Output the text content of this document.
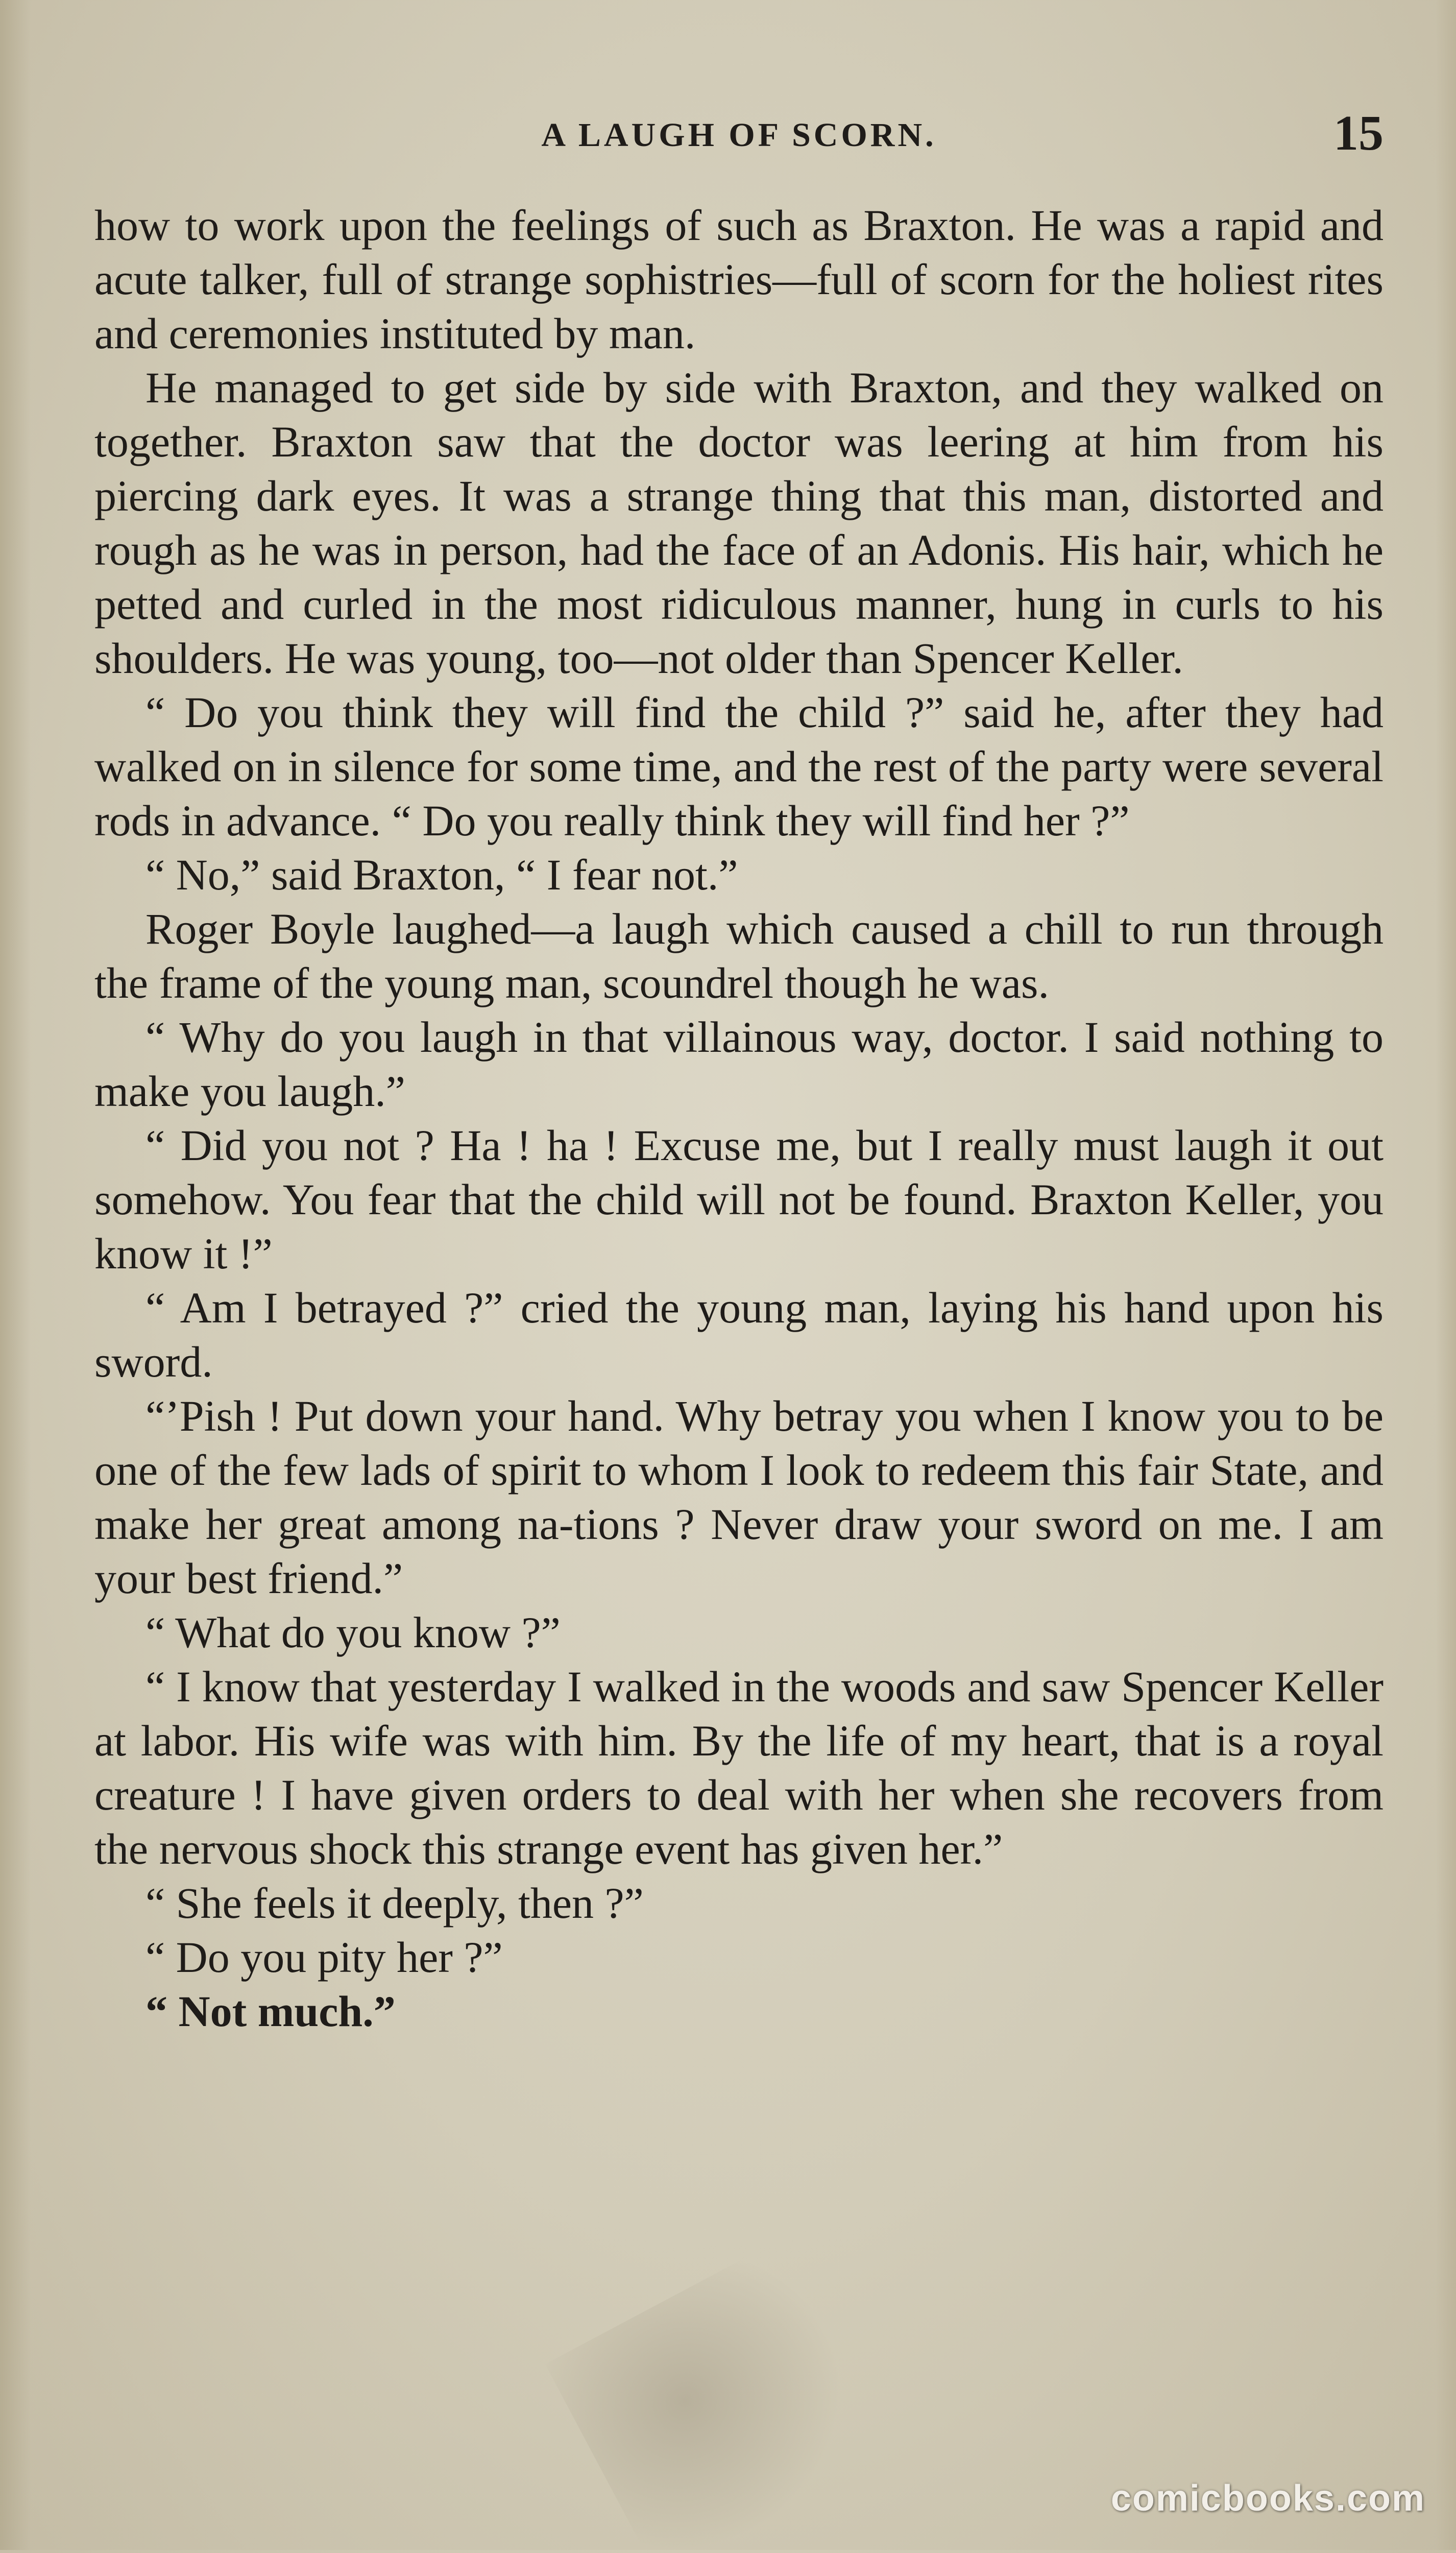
A LAUGH OF SCORN.	15

how to work upon the feelings of such as Braxton. He was a rapid and acute talker, full of strange sophistries—full of scorn for the holiest rites and ceremonies instituted by man.

He managed to get side by side with Braxton, and they walked on together. Braxton saw that the doctor was leering at him from his piercing dark eyes. It was a strange thing that this man, distorted and rough as he was in person, had the face of an Adonis. His hair, which he petted and curled in the most ridiculous manner, hung in curls to his shoulders. He was young, too—not older than Spencer Keller.

“ Do you think they will find the child ?” said he, after they had walked on in silence for some time, and the rest of the party were several rods in advance. “ Do you really think they will find her ?”

“ No,” said Braxton, “ I fear not.”

Roger Boyle laughed—a laugh which caused a chill to run through the frame of the young man, scoundrel though he was.

“ Why do you laugh in that villainous way, doctor. I said nothing to make you laugh.”

“ Did you not ? Ha ! ha ! Excuse me, but I really must laugh it out somehow. You fear that the child will not be found. Braxton Keller, you know it !”

“ Am I betrayed ?” cried the young man, laying his hand upon his sword.

“’Pish ! Put down your hand. Why betray you when I know you to be one of the few lads of spirit to whom I look to redeem this fair State, and make her great among na-tions ? Never draw your sword on me. I am your best friend.”

“ What do you know ?”

“ I know that yesterday I walked in the woods and saw Spencer Keller at labor. His wife was with him. By the life of my heart, that is a royal creature ! I have given orders to deal with her when she recovers from the nervous shock this strange event has given her.”

“ She feels it deeply, then ?”

“ Do you pity her ?”

“ Not much.”

comicbooks.com
